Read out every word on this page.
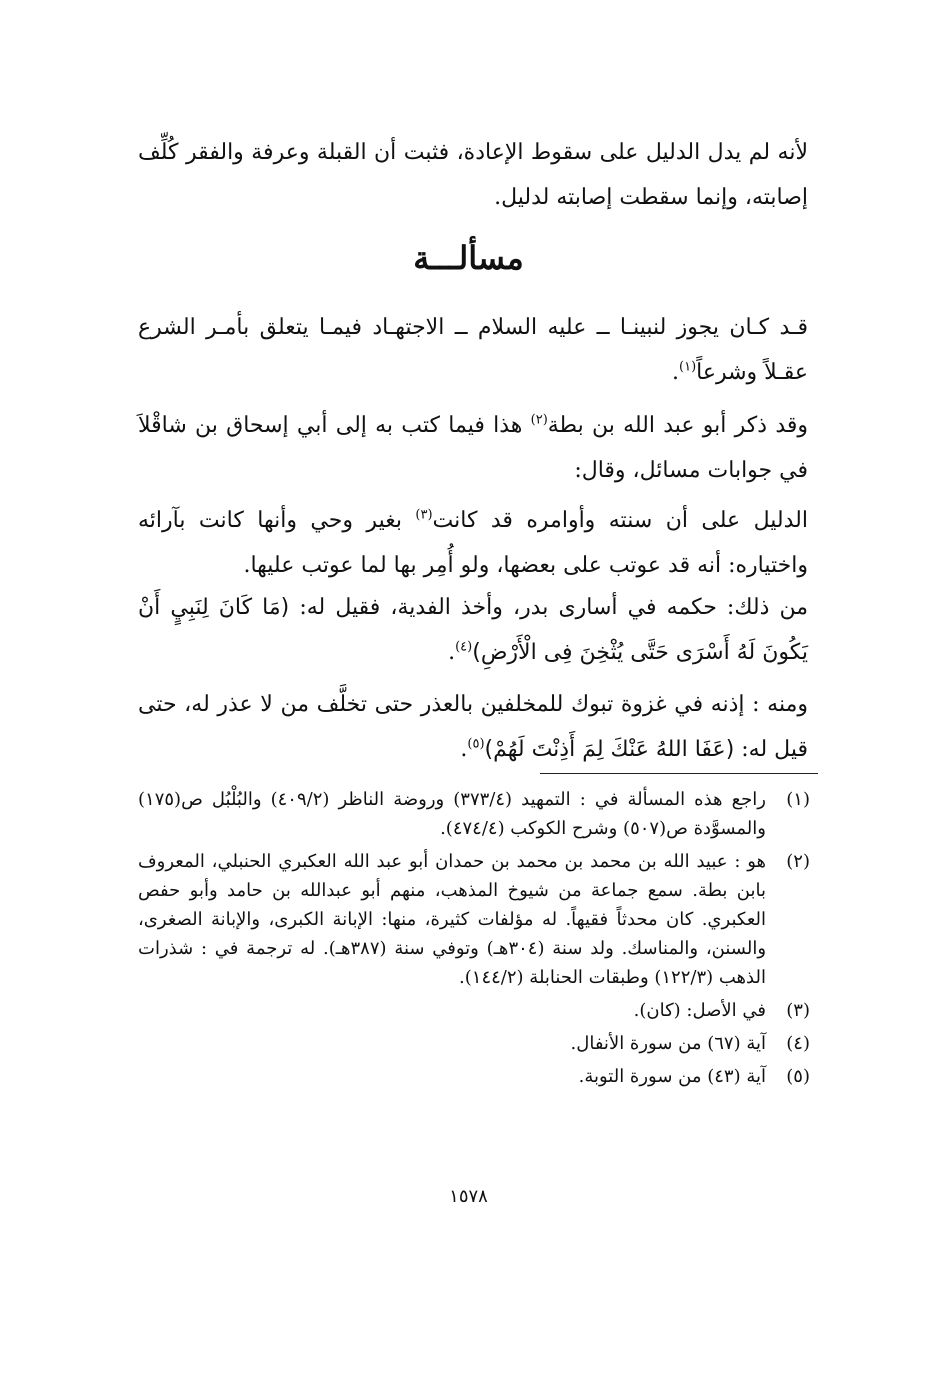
لأنه لم يدل الدليل على سقوط الإعادة، فثبت أن القبلة وعرفة والفقر كُلِّف إصابته، وإنما سقطت إصابته لدليل.

مسألـــة

قـد كـان يجوز لنبينـا ــ عليه السلام ــ الاجتهـاد فيمـا يتعلق بأمـر الشرع عقـلاً وشرعاً$^{(١)}$.

وقد ذكر أبو عبد الله بن بطة$^{(٢)}$ هذا فيما كتب به إلى أبي إسحاق بن شاقْلاَ في جوابات مسائل، وقال:

الدليل على أن سنته وأوامره قد كانت$^{(٣)}$ بغير وحي وأنها كانت بآرائه واختياره: أنه قد عوتب على بعضها، ولو أُمِر بها لما عوتب عليها.

من ذلك: حكمه في أسارى بدر، وأخذ الفدية، فقيل له: (مَا كَانَ لِنَبِيٍ أَنْ يَكُونَ لَهُ أَسْرَى حَتَّى يُثْخِنَ فِى الْأَرْضِ)$^{(٤)}$.

ومنه : إذنه في غزوة تبوك للمخلفين بالعذر حتى تخلَّف من لا عذر له، حتى قيل له: (عَفَا اللهُ عَنْكَ لِمَ أَذِنْتَ لَهُمْ)$^{(٥)}$.

(١)
راجع هذه المسألة في : التمهيد (٣٧٣/٤) وروضة الناظر (٤٠٩/٢) والبُلْبُل ص(١٧٥) والمسوَّدة ص(٥٠٧) وشرح الكوكب (٤٧٤/٤).
(٢)
هو : عبيد الله بن محمد بن محمد بن حمدان أبو عبد الله العكبري الحنبلي، المعروف بابن بطة. سمع جماعة من شيوخ المذهب، منهم أبو عبدالله بن حامد وأبو حفص العكبري. كان محدثاً فقيهاً. له مؤلفات كثيرة، منها: الإبانة الكبرى، والإبانة الصغرى، والسنن، والمناسك. ولد سنة (٣٠٤هـ) وتوفي سنة (٣٨٧هـ). له ترجمة في : شذرات الذهب (١٢٢/٣) وطبقات الحنابلة (١٤٤/٢).
(٣)
في الأصل: (كان).
(٤)
آية (٦٧) من سورة الأنفال.
(٥)
آية (٤٣) من سورة التوبة.
١٥٧٨
